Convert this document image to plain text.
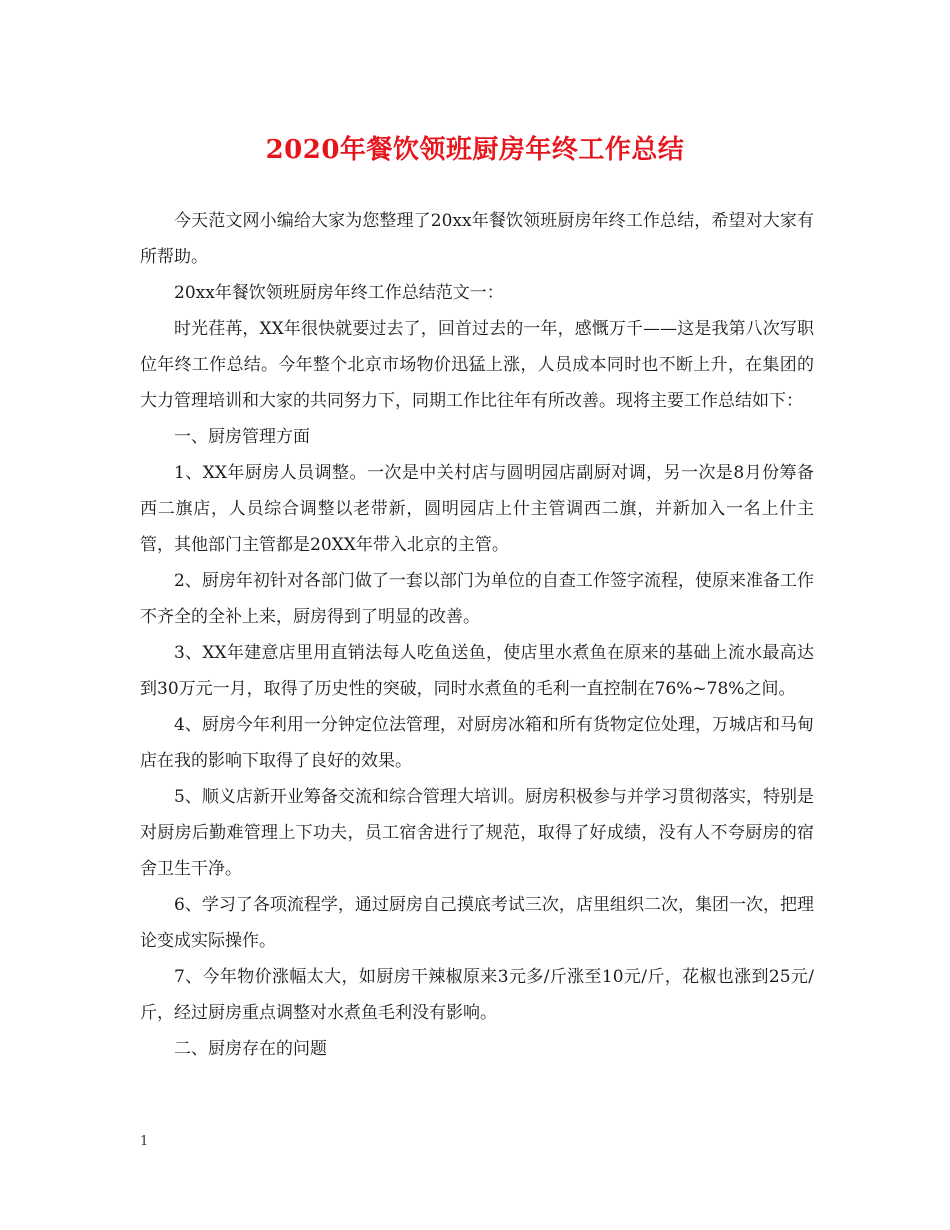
2020年餐饮领班厨房年终工作总结

今天范文网小编给大家为您整理了20xx年餐饮领班厨房年终工作总结，希望对大家有所帮助。

20xx年餐饮领班厨房年终工作总结范文一：

时光荏苒，XX年很快就要过去了，回首过去的一年，感慨万千——这是我第八次写职位年终工作总结。今年整个北京市场物价迅猛上涨，人员成本同时也不断上升，在集团的大力管理培训和大家的共同努力下，同期工作比往年有所改善。现将主要工作总结如下：

一、厨房管理方面

1、XX年厨房人员调整。一次是中关村店与圆明园店副厨对调，另一次是8月份筹备西二旗店，人员综合调整以老带新，圆明园店上什主管调西二旗，并新加入一名上什主管，其他部门主管都是20XX年带入北京的主管。

2、厨房年初针对各部门做了一套以部门为单位的自查工作签字流程，使原来准备工作不齐全的全补上来，厨房得到了明显的改善。

3、XX年建意店里用直销法每人吃鱼送鱼，使店里水煮鱼在原来的基础上流水最高达到30万元一月，取得了历史性的突破，同时水煮鱼的毛利一直控制在76%~78%之间。

4、厨房今年利用一分钟定位法管理，对厨房冰箱和所有货物定位处理，万城店和马甸店在我的影响下取得了良好的效果。

5、顺义店新开业筹备交流和综合管理大培训。厨房积极参与并学习贯彻落实，特别是对厨房后勤难管理上下功夫，员工宿舍进行了规范，取得了好成绩，没有人不夸厨房的宿舍卫生干净。

6、学习了各项流程学，通过厨房自己摸底考试三次，店里组织二次，集团一次，把理论变成实际操作。

7、今年物价涨幅太大，如厨房干辣椒原来3元多/斤涨至10元/斤，花椒也涨到25元/斤，经过厨房重点调整对水煮鱼毛利没有影响。

二、厨房存在的问题

1
